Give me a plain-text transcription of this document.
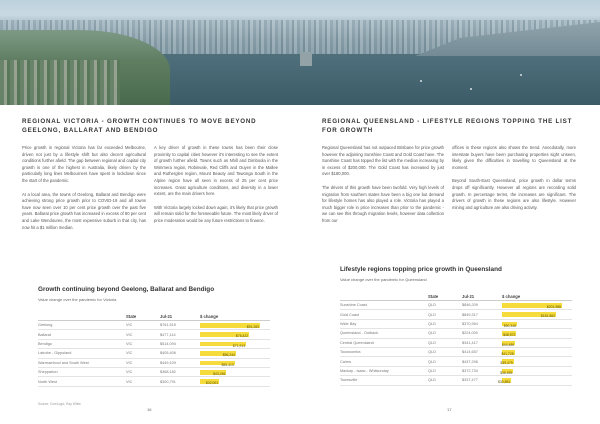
REGIONAL VICTORIA - GROWTH CONTINUES TO MOVE BEYOND GEELONG, BALLARAT AND BENDIGO

Price growth in regional Victoria has far exceeded Melbourne, driven not just by a lifestyle shift but also decent agricultural conditions further afield. The gap between regional and capital city growth is one of the highest in Australia, likely driven by the particularly long lines Melbourners have spent in lockdown since the start of the pandemic.

At a local area, the towns of Geelong, Ballarat and Bendigo were achieving strong price growth prior to COVID-19 and all towns have now seen over 10 per cent price growth over the past five years. Ballarat price growth has increased in excess of 80 per cent and Lake Wendouree, the most expensive suburb in that city, has now hit a $1 million median.

A key driver of growth in these towns has been their close proximity to capital cities however it's interesting to see the extent of growth further afield. Towns such as Nhill and Dimboola in the Wimmera region, Robinvale, Red Cliffs and Ouyen in the Mallee and Rutherglen region, Mount Beauty and Tawonga South in the Alpine region have all seen in excess of 25 per cent price increases. Great agriculture conditions, and diversity in a lower extent, are the main drivers here.

With Victoria largely locked down again, it's likely that price growth will remain solid for the foreseeable future. The most likely driver of price moderation would be any future restrictions to finance.

Growth continuing beyond Geelong, Ballarat and Bendigo
Value change over the pandemic for Victoria
	State	Jul-21	$ change
Geelong	VIC	$761,515	$91,283

Ballarat	VIC	$477,114	$76,422

Bendigo	VIC	$514,094	$71,913

Latrobe - Gippsland	VIC	$405,406	$56,244

Warrnambool and South West	VIC	$449,109	$55,413

Shepparton	VIC	$368,182	$43,246

North West	VIC	$300,791	$32,001
Source: CoreLogic, Ray White
16
REGIONAL QUEENSLAND - LIFESTYLE REGIONS TOPPING THE LIST FOR GROWTH

Regional Queensland has not outpaced Brisbane for price growth however the adjoining Sunshine Coast and Gold Coast have. The Sunshine Coast has topped the list with the median increasing by in excess of $200,000. The Gold Coast has increased by just over $180,000.

The drivers of this growth have been twofold. Very high levels of migration from southern states have been a big one but demand for lifestyle homes has also played a role. Victoria has played a much bigger role in price increases than prior to the pandemic - we can see this through migration levels, however data collection from our

offices in these regions also shows the trend. Anecdotally, more interstate buyers have been purchasing properties sight unseen, likely given the difficulties in travelling to Queensland at the moment.

Beyond South-East Queensland, price growth in dollar terms drops off significantly. However all regions are recording solid growth. In percentage terms, the increases are significant. The drivers of growth in these regions are also lifestyle. However mining and agriculture are also driving activity.

Lifestyle regions topping price growth in Queensland
Value change over the pandemic for Queensland
	State	Jul-21	$ change
Sunshine Coast	QLD	$846,209	$201,988

Gold Coast	QLD	$849,317	$181,862

Wide Bay	QLD	$370,954	$50,348

Queensland - Outback	QLD	$224,000	$48,972

Central Queensland	QLD	$341,417	$44,486

Toowoomba	QLD	$414,657	$41,728

Cairns	QLD	$437,296	$39,479

Mackay - Isaac - Whitsunday	QLD	$372,734	$38,655

Townsville	QLD	$337,477	$30,851
17
